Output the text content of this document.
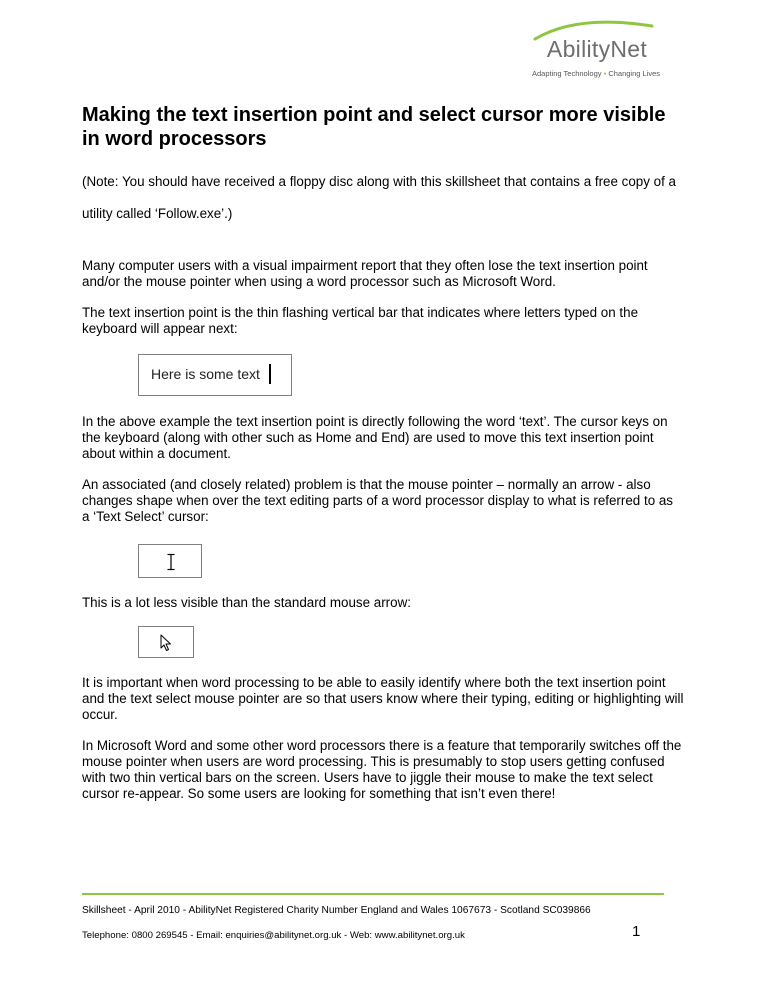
AbilityNet
Adapting Technology • Changing Lives
Making the text insertion point and select cursor more visible in word processors

(Note: You should have received a floppy disc along with this skillsheet that contains a free copy of a utility called ‘Follow.exe’.)

Many computer users with a visual impairment report that they often lose the text insertion point and/or the mouse pointer when using a word processor such as Microsoft Word.

The text insertion point is the thin flashing vertical bar that indicates where letters typed on the keyboard will appear next:

Here is some text

In the above example the text insertion point is directly following the word ‘text’. The cursor keys on the keyboard (along with other such as Home and End) are used to move this text insertion point about within a document.

An associated (and closely related) problem is that the mouse pointer – normally an arrow - also changes shape when over the text editing parts of a word processor display to what is referred to as a ‘Text Select’ cursor:

This is a lot less visible than the standard mouse arrow:

It is important when word processing to be able to easily identify where both the text insertion point and the text select mouse pointer are so that users know where their typing, editing or highlighting will occur.

In Microsoft Word and some other word processors there is a feature that temporarily switches off the mouse pointer when users are word processing. This is presumably to stop users getting confused with two thin vertical bars on the screen. Users have to jiggle their mouse to make the text select cursor re-appear. So some users are looking for something that isn’t even there!

Skillsheet - April 2010 - AbilityNet Registered Charity Number England and Wales 1067673 - Scotland SC039866
Telephone: 0800 269545 - Email: enquiries@abilitynet.org.uk - Web: www.abilitynet.org.uk	1
